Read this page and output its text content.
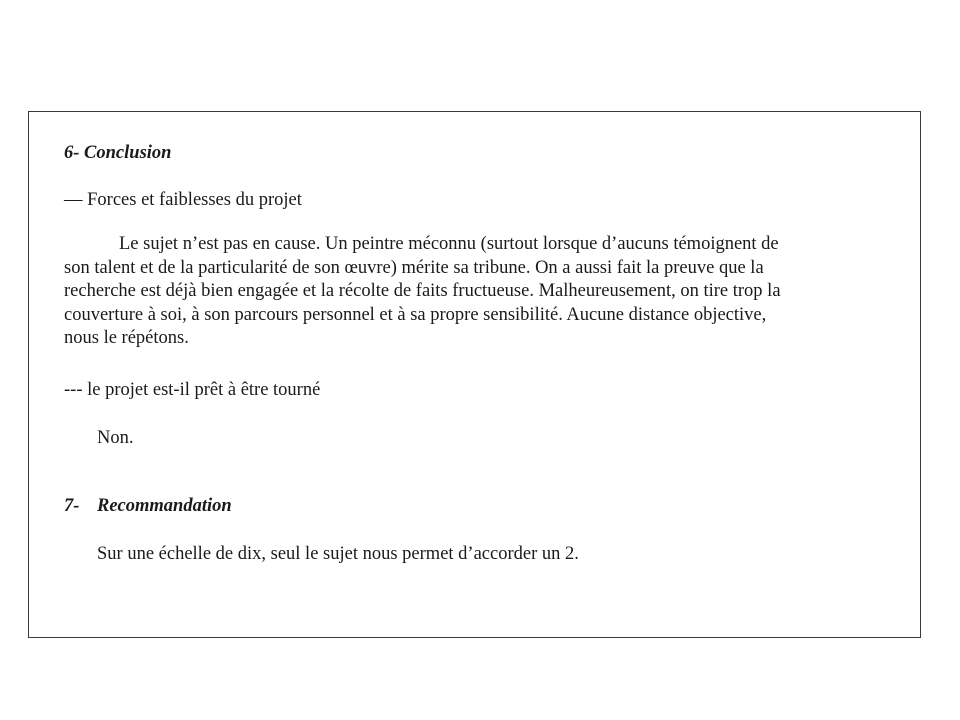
6- Conclusion
— Forces et faiblesses du projet
Le sujet n’est pas en cause. Un peintre méconnu (surtout lorsque d’aucuns témoignent de
son talent et de la particularité de son œuvre) mérite sa tribune. On a aussi fait la preuve que la
recherche est déjà bien engagée et la récolte de faits fructueuse. Malheureusement, on tire trop la
couverture à soi, à son parcours personnel et à sa propre sensibilité. Aucune distance objective,
nous le répétons.
--- le projet est-il prêt à être tourné
Non.
7- Recommandation
Sur une échelle de dix, seul le sujet nous permet d’accorder un 2.
